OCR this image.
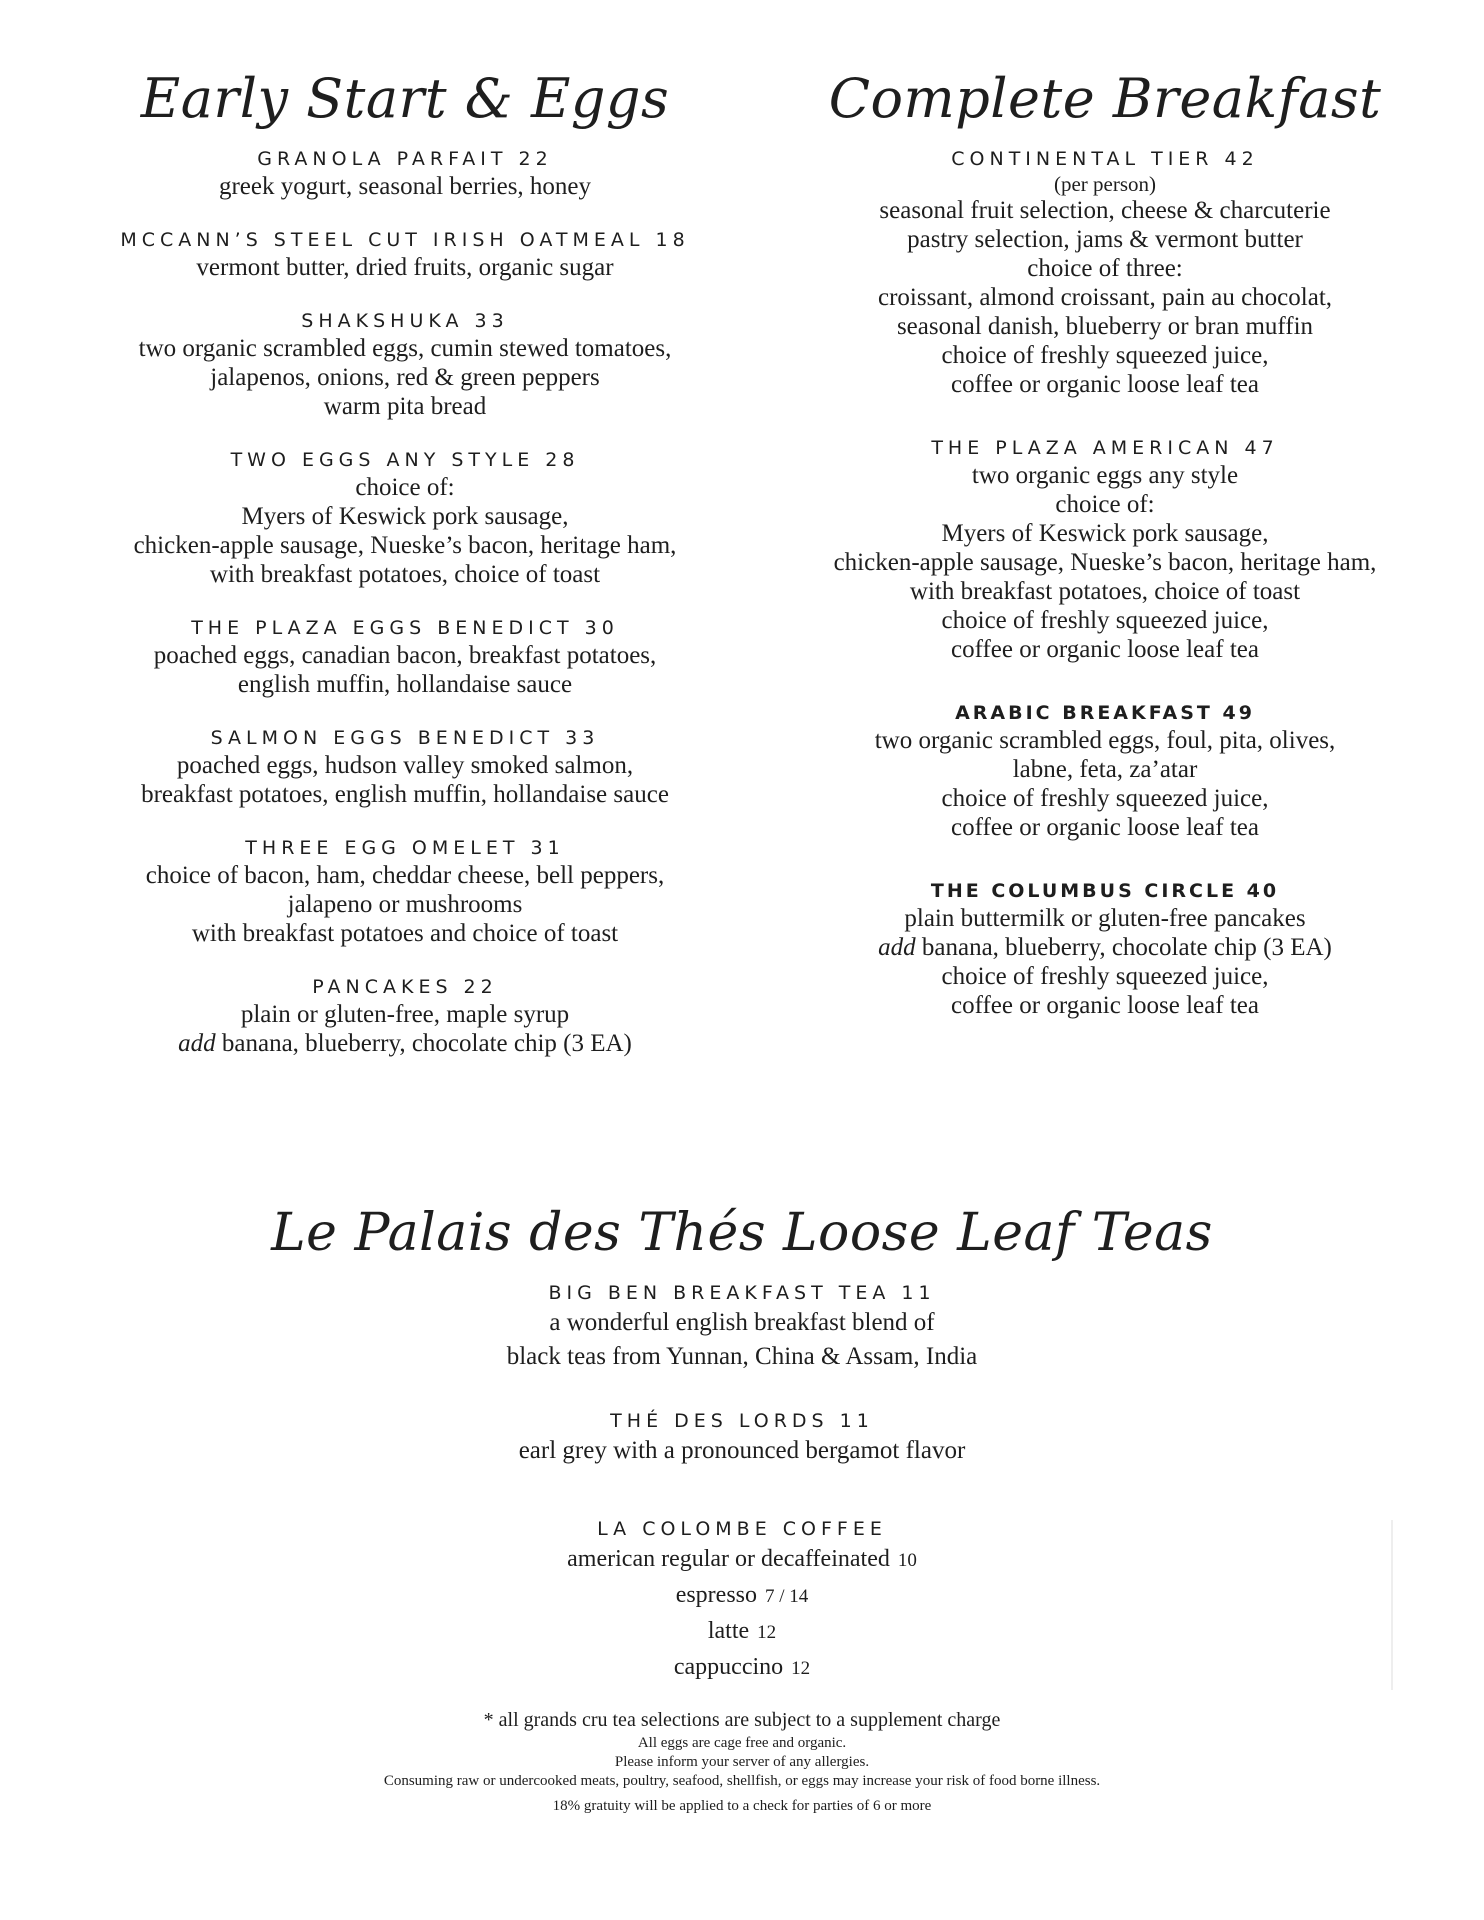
Early Start & Eggs
GRANOLA PARFAIT 22
greek yogurt, seasonal berries, honey
MCCANN’S STEEL CUT IRISH OATMEAL 18
vermont butter, dried fruits, organic sugar
SHAKSHUKA 33
two organic scrambled eggs, cumin stewed tomatoes,
jalapenos, onions, red & green peppers
warm pita bread
TWO EGGS ANY STYLE 28
choice of:
Myers of Keswick pork sausage,
chicken-apple sausage, Nueske’s bacon, heritage ham,
with breakfast potatoes, choice of toast
THE PLAZA EGGS BENEDICT 30
poached eggs, canadian bacon, breakfast potatoes,
english muffin, hollandaise sauce
SALMON EGGS BENEDICT 33
poached eggs, hudson valley smoked salmon,
breakfast potatoes, english muffin, hollandaise sauce
THREE EGG OMELET 31
choice of bacon, ham, cheddar cheese, bell peppers,
jalapeno or mushrooms
with breakfast potatoes and choice of toast
PANCAKES 22
plain or gluten-free, maple syrup
add banana, blueberry, chocolate chip (3 EA)
Complete Breakfast
CONTINENTAL TIER 42
(per person)
seasonal fruit selection, cheese & charcuterie
pastry selection, jams & vermont butter
choice of three:
croissant, almond croissant, pain au chocolat,
seasonal danish, blueberry or bran muffin
choice of freshly squeezed juice,
coffee or organic loose leaf tea
THE PLAZA AMERICAN 47
two organic eggs any style
choice of:
Myers of Keswick pork sausage,
chicken-apple sausage, Nueske’s bacon, heritage ham,
with breakfast potatoes, choice of toast
choice of freshly squeezed juice,
coffee or organic loose leaf tea
ARABIC BREAKFAST 49
two organic scrambled eggs, foul, pita, olives,
labne, feta, za’atar
choice of freshly squeezed juice,
coffee or organic loose leaf tea
THE COLUMBUS CIRCLE 40
plain buttermilk or gluten-free pancakes
add banana, blueberry, chocolate chip (3 EA)
choice of freshly squeezed juice,
coffee or organic loose leaf tea
Le Palais des Thés Loose Leaf Teas
BIG BEN BREAKFAST TEA 11
a wonderful english breakfast blend of
black teas from Yunnan, China & Assam, India
THÉ DES LORDS 11
earl grey with a pronounced bergamot flavor
LA COLOMBE COFFEE
american regular or decaffeinated 10
espresso 7 / 14
latte 12
cappuccino 12
* all grands cru tea selections are subject to a supplement charge
All eggs are cage free and organic.
Please inform your server of any allergies.
Consuming raw or undercooked meats, poultry, seafood, shellfish, or eggs may increase your risk of food borne illness.
18% gratuity will be applied to a check for parties of 6 or more
